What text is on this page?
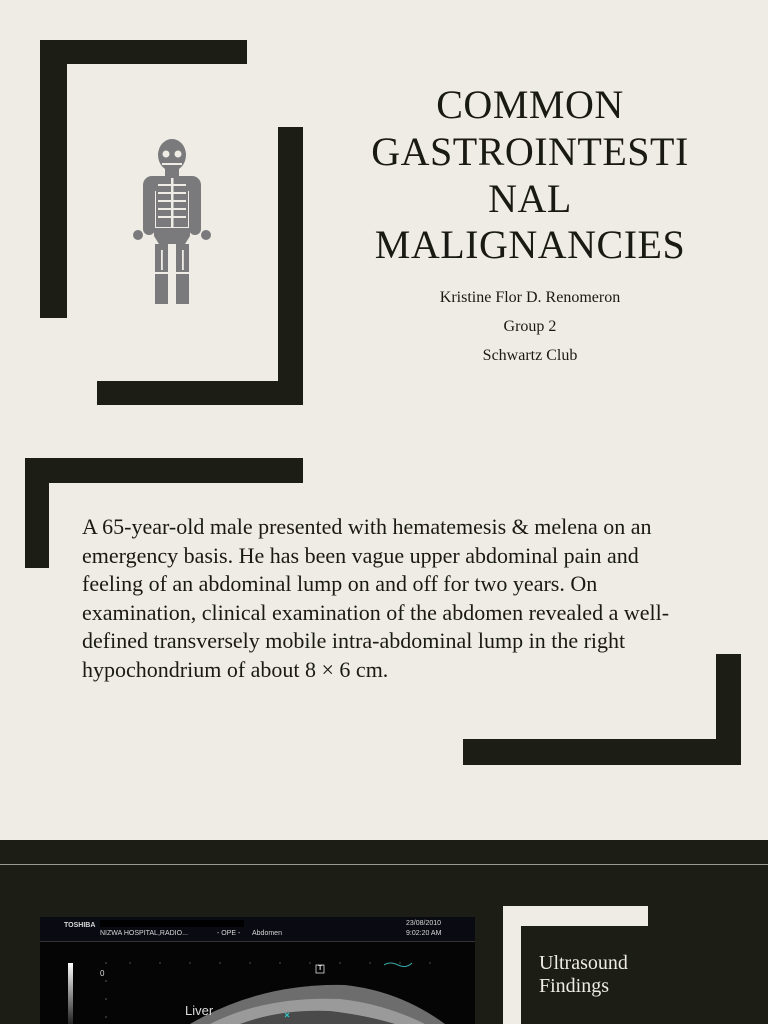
COMMON
GASTROINTESTI
NAL
MALIGNANCIES
Kristine Flor D. Renomeron
Group 2
Schwartz Club
A 65-year-old male presented with hematemesis & melena on an emergency basis. He has been vague upper abdominal pain and feeling of an abdominal lump on and off for two years. On examination, clinical examination of the abdomen revealed a well-defined transversely mobile intra-abdominal lump in the right hypochondrium of about 8 × 6 cm.
TOSHIBA
NIZWA HOSPITAL,RADIO...	- OPE - Abdomen
23/08/2010
9:02:20 AM
0
T
Liver
Ultrasound Findings
